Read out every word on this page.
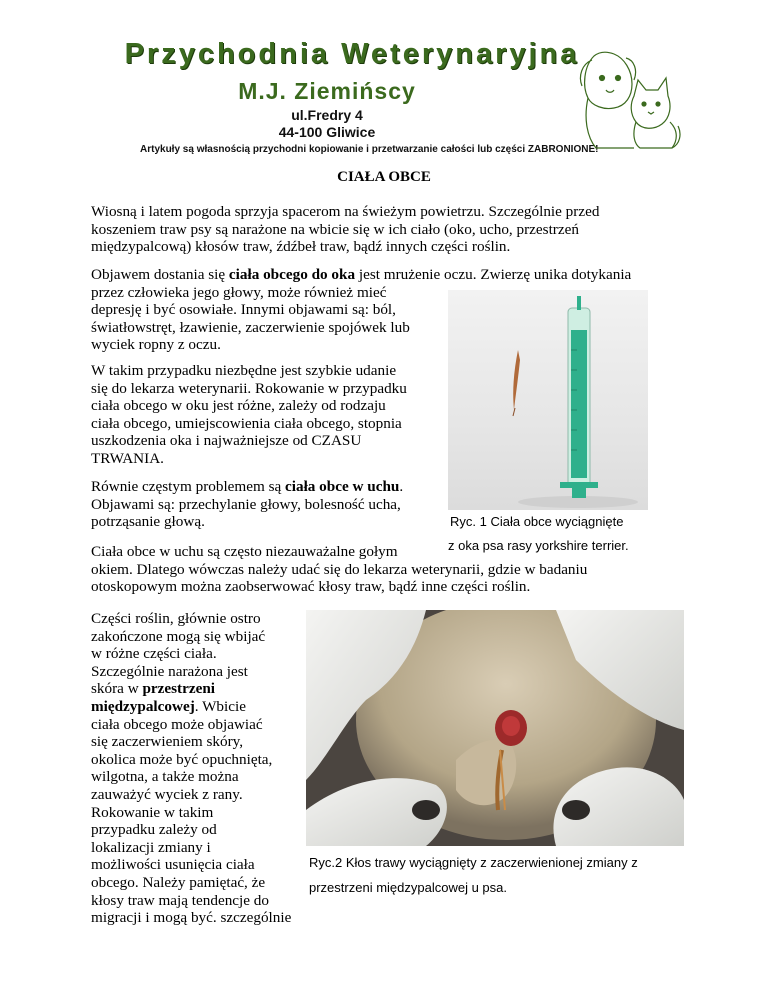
Przychodnia Weterynaryjna
M.J. Ziemińscy
ul.Fredry 4
44-100 Gliwice
Artykuły są własnością przychodni kopiowanie i przetwarzanie całości lub części ZABRONIONE!
CIAŁA OBCE
Wiosną i latem pogoda sprzyja spacerom na świeżym powietrzu. Szczególnie przed
koszeniem traw psy są narażone na wbicie się w ich ciało (oko, ucho, przestrzeń
międzypalcową) kłosów traw, źdźbeł traw, bądź innych części roślin.
Objawem dostania się ciała obcego do oka jest mrużenie oczu. Zwierzę unika dotykania
przez człowieka jego głowy, może również mieć
depresję i być osowiałe. Innymi objawami są: ból,
światłowstręt, łzawienie, zaczerwienie spojówek lub
wyciek ropny z oczu.
W takim przypadku niezbędne jest szybkie udanie
się do lekarza weterynarii. Rokowanie w przypadku
ciała obcego w oku jest różne, zależy od rodzaju
ciała obcego, umiejscowienia ciała obcego, stopnia
uszkodzenia oka i najważniejsze od CZASU
TRWANIA.
Równie częstym problemem są ciała obce w uchu.
Objawami są: przechylanie głowy, bolesność ucha,
potrząsanie głową.
Ciała obce w uchu są często niezauważalne gołym
okiem. Dlatego wówczas należy udać się do lekarza weterynarii, gdzie w badaniu
otoskopowym można zaobserwować kłosy traw, bądź inne części roślin.
Ryc. 1 Ciała obce wyciągnięte
z oka psa rasy yorkshire terrier.
Części roślin, głównie ostro
zakończone mogą się wbijać
w różne części ciała.
Szczególnie narażona jest
skóra w przestrzeni
międzypalcowej. Wbicie
ciała obcego może objawiać
się zaczerwieniem skóry,
okolica może być opuchnięta,
wilgotna, a także można
zauważyć wyciek z rany.
Rokowanie w takim
przypadku zależy od
lokalizacji zmiany i
możliwości usunięcia ciała
obcego. Należy pamiętać, że
kłosy traw mają tendencje do
migracji i mogą być. szczególnie
Ryc.2 Kłos trawy wyciągnięty z zaczerwienionej zmiany z
przestrzeni międzypalcowej u psa.
